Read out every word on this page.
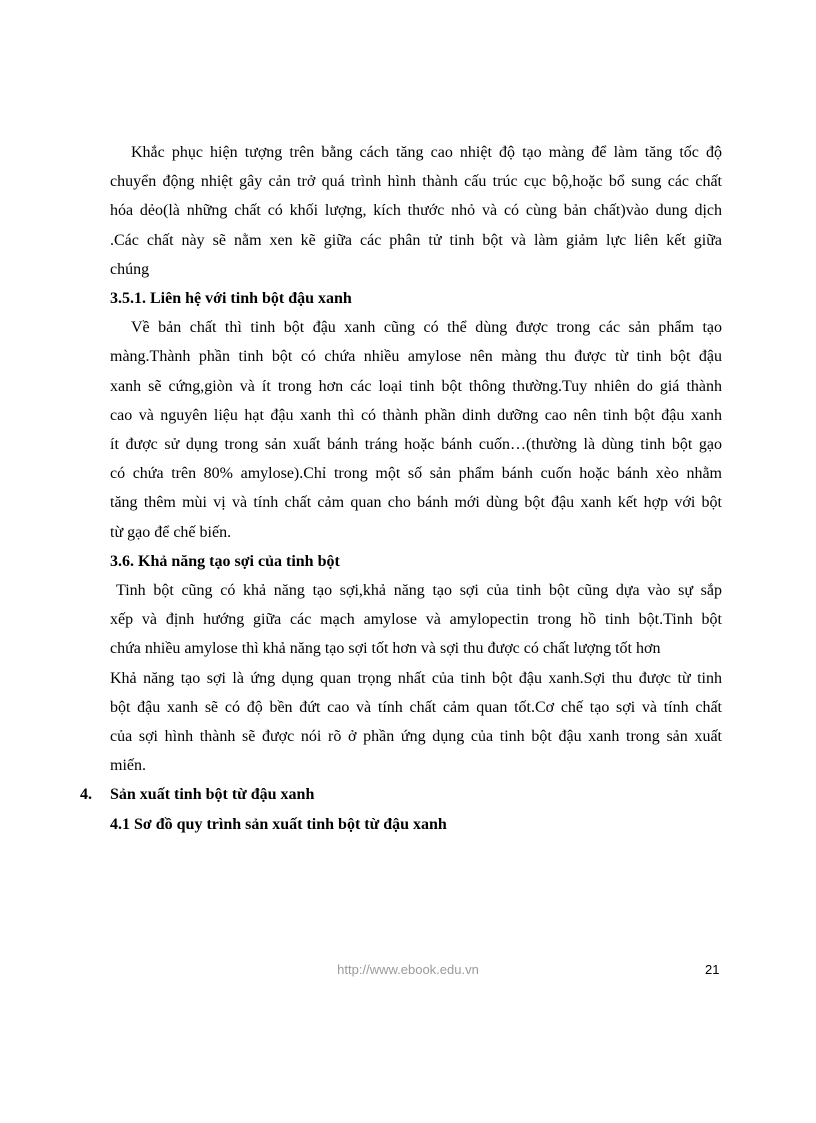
Khắc phục hiện tượng trên bằng cách tăng cao nhiệt độ tạo màng để làm tăng tốc độ
chuyển động nhiệt gây cản trở quá trình hình thành cấu trúc cục bộ,hoặc bổ sung các chất
hóa dẻo(là những chất có khối lượng, kích thước nhỏ và có cùng bản chất)vào dung dịch
.Các chất này sẽ nằm xen kẽ giữa các phân tử tinh bột và làm giảm lực liên kết giữa
chúng
3.5.1. Liên hệ với tinh bột đậu xanh
Về bản chất thì tinh bột đậu xanh cũng có thể dùng được trong các sản phẩm tạo
màng.Thành phần tinh bột có chứa nhiều amylose nên màng thu được từ tinh bột đậu
xanh sẽ cứng,giòn và ít trong hơn các loại tinh bột thông thường.Tuy nhiên do giá thành
cao và nguyên liệu hạt đậu xanh thì có thành phần dinh dưỡng cao nên tinh bột đậu xanh
ít được sử dụng trong sản xuất bánh tráng hoặc bánh cuốn…(thường là dùng tinh bột gạo
có chứa trên 80% amylose).Chỉ trong một số sản phẩm bánh cuốn hoặc bánh xèo nhằm
tăng thêm mùi vị và tính chất cảm quan cho bánh mới dùng bột đậu xanh kết hợp với bột
từ gạo để chế biến.
3.6. Khả năng tạo sợi của tinh bột
Tinh bột cũng có khả năng tạo sợi,khả năng tạo sợi của tinh bột cũng dựa vào sự sắp
xếp và định hướng giữa các mạch amylose và amylopectin trong hồ tinh bột.Tinh bột
chứa nhiều amylose thì khả năng tạo sợi tốt hơn và sợi thu được có chất lượng tốt hơn
Khả năng tạo sợi là ứng dụng quan trọng nhất của tinh bột đậu xanh.Sợi thu được từ tinh
bột đậu xanh sẽ có độ bền đứt cao và tính chất cảm quan tốt.Cơ chế tạo sợi và tính chất
của sợi hình thành sẽ được nói rõ ở phần ứng dụng của tinh bột đậu xanh trong sản xuất
miến.
4. Sản xuất tinh bột từ đậu xanh
4.1 Sơ đồ quy trình sản xuất tinh bột từ đậu xanh
http://www.ebook.edu.vn	21
